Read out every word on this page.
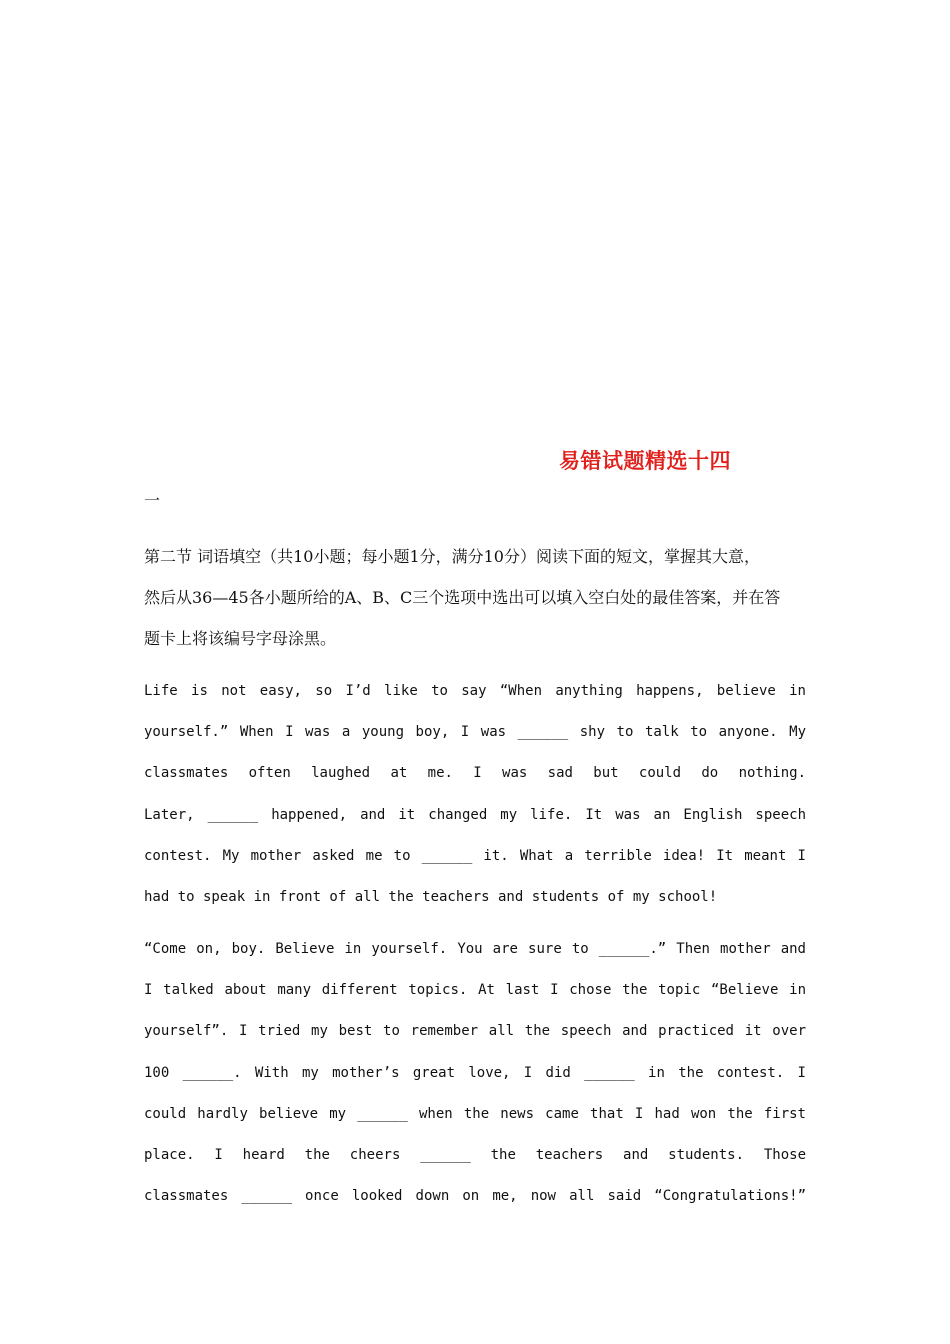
易错试题精选十四
一
第二节 词语填空（共10小题；每小题1分，满分10分）阅读下面的短文，掌握其大意，
然后从36—45各小题所给的A、B、C三个选项中选出可以填入空白处的最佳答案，并在答
题卡上将该编号字母涂黑。
Life is not easy, so I’d like to say “When anything happens, believe in
yourself.” When I was a young boy, I was ______ shy to talk to anyone. My
classmates often laughed at me. I was sad but could do nothing.
Later, ______ happened, and it changed my life. It was an English speech
contest. My mother asked me to ______ it. What a terrible idea! It meant I
had to speak in front of all the teachers and students of my school!
“Come on, boy. Believe in yourself. You are sure to ______.” Then mother and
I talked about many different topics. At last I chose the topic “Believe in
yourself”. I tried my best to remember all the speech and practiced it over
100 ______. With my mother’s great love, I did ______ in the contest. I
could hardly believe my ______ when the news came that I had won the first
place. I heard the cheers ______ the teachers and students. Those
classmates ______ once looked down on me, now all said “Congratulations!”
